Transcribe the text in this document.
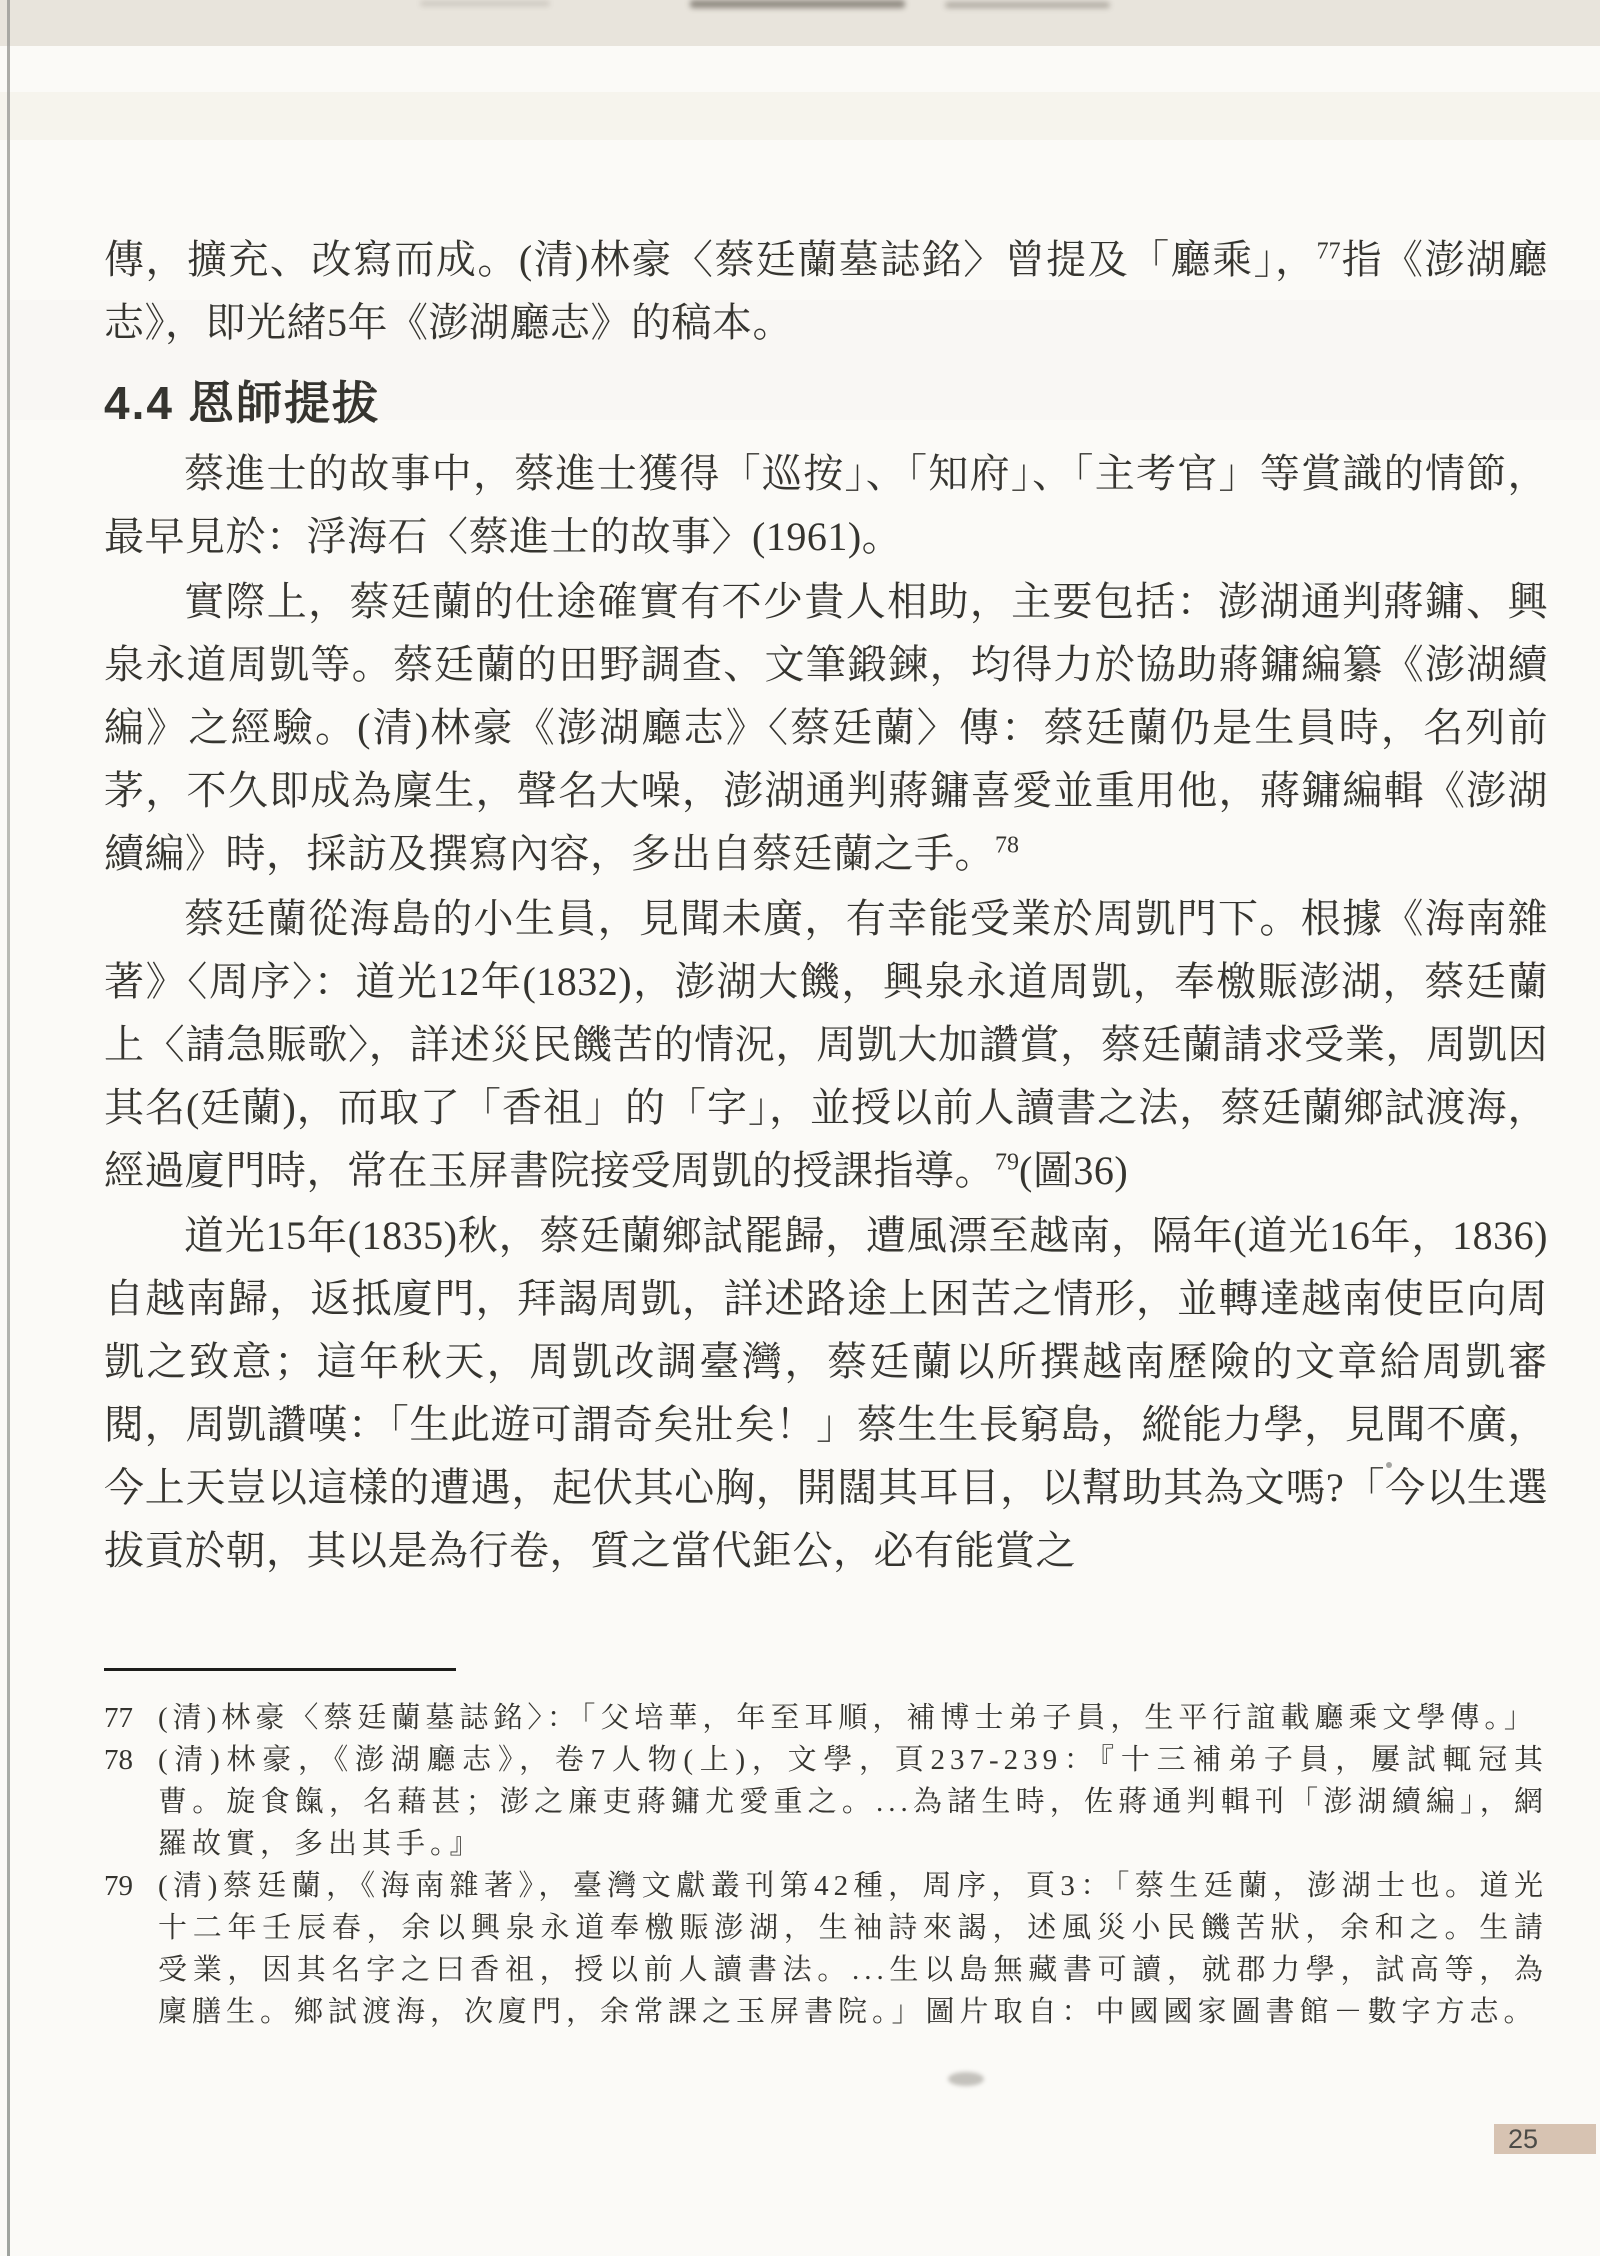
傳，擴充、改寫而成。(清)林豪〈蔡廷蘭墓誌銘〉曾提及「廳乘」，$^{77}$指《澎湖廳志》，即光緒5年《澎湖廳志》的稿本。

4.4 恩師提拔

蔡進士的故事中，蔡進士獲得「巡按」、「知府」、「主考官」等賞識的情節，最早見於：浮海石〈蔡進士的故事〉(1961)。

實際上，蔡廷蘭的仕途確實有不少貴人相助，主要包括：澎湖通判蔣鏞、興泉永道周凱等。蔡廷蘭的田野調查、文筆鍛鍊，均得力於協助蔣鏞編纂《澎湖續編》之經驗。(清)林豪《澎湖廳志》〈蔡廷蘭〉傳：蔡廷蘭仍是生員時，名列前茅，不久即成為廩生，聲名大噪，澎湖通判蔣鏞喜愛並重用他，蔣鏞編輯《澎湖續編》時，採訪及撰寫內容，多出自蔡廷蘭之手。$^{78}$

蔡廷蘭從海島的小生員，見聞未廣，有幸能受業於周凱門下。根據《海南雜著》〈周序〉：道光12年(1832)，澎湖大饑，興泉永道周凱，奉檄賑澎湖，蔡廷蘭上〈請急賑歌〉，詳述災民饑苦的情況，周凱大加讚賞，蔡廷蘭請求受業，周凱因其名(廷蘭)，而取了「香祖」的「字」，並授以前人讀書之法，蔡廷蘭鄉試渡海，經過廈門時，常在玉屏書院接受周凱的授課指導。$^{79}$(圖36)

道光15年(1835)秋，蔡廷蘭鄉試罷歸，遭風漂至越南，隔年(道光16年，1836)自越南歸，返抵廈門，拜謁周凱，詳述路途上困苦之情形，並轉達越南使臣向周凱之致意；這年秋天，周凱改調臺灣，蔡廷蘭以所撰越南歷險的文章給周凱審閱，周凱讚嘆：「生此遊可謂奇矣壯矣！」蔡生生長窮島，縱能力學，見聞不廣，今上天豈以這樣的遭遇，起伏其心胸，開闊其耳目，以幫助其為文嗎?「今以生選拔貢於朝，其以是為行卷，質之當代鉅公，必有能賞之

77 (清)林豪〈蔡廷蘭墓誌銘〉：「父培華，年至耳順，補博士弟子員，生平行誼載廳乘文學傳。」

78 (清)林豪，《澎湖廳志》，卷7人物(上)，文學，頁237-239：『十三補弟子員，屢試輒冠其曹。旋食餼，名藉甚；澎之廉吏蔣鏞尤愛重之。...為諸生時，佐蔣通判輯刊「澎湖續編」，網羅故實，多出其手。』

79 (清)蔡廷蘭，《海南雜著》，臺灣文獻叢刊第42種，周序，頁3：「蔡生廷蘭，澎湖士也。道光十二年壬辰春，余以興泉永道奉檄賑澎湖，生袖詩來謁，述風災小民饑苦狀，余和之。生請受業，因其名字之曰香祖，授以前人讀書法。...生以島無藏書可讀，就郡力學，試高等，為廩膳生。鄉試渡海，次廈門，余常課之玉屏書院。」圖片取自：中國國家圖書館－數字方志。

25
